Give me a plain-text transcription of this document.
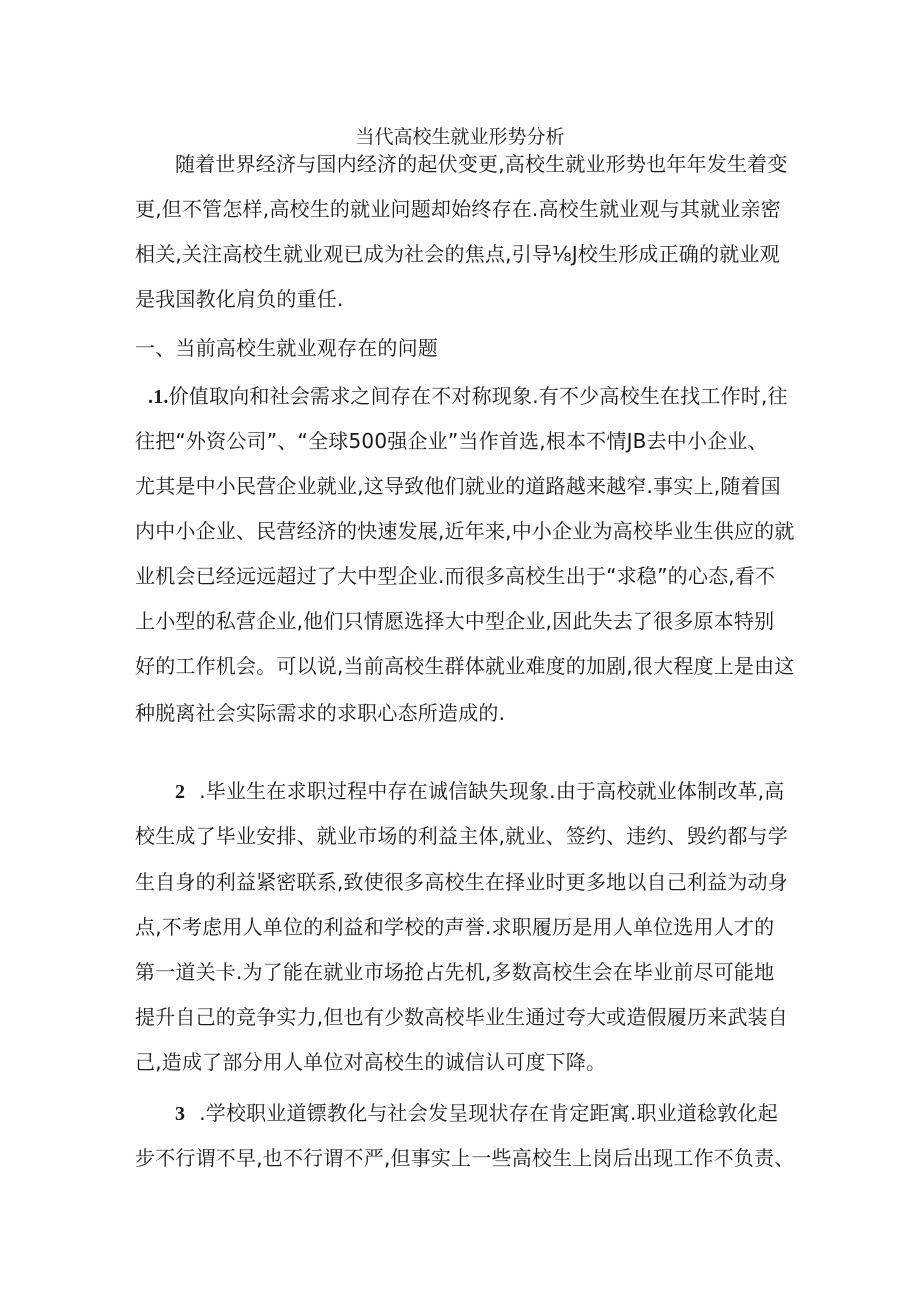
当代高校生就业形势分析
随着世界经济与国内经济的起伏变更,高校生就业形势也年年发生着变
更,但不管怎样,高校生的就业问题却始终存在.高校生就业观与其就业亲密
相关,关注高校生就业观已成为社会的焦点,引导⅛J校生形成正确的就业观
是我国教化肩负的重任.
一、当前高校生就业观存在的问题
.1.价值取向和社会需求之间存在不对称现象.有不少高校生在找工作时,往
往把“外资公司”、“全球500强企业”当作首选,根本不情JB去中小企业、
尤其是中小民营企业就业,这导致他们就业的道路越来越窄.事实上,随着国
内中小企业、民营经济的快速发展,近年来,中小企业为高校毕业生供应的就
业机会已经远远超过了大中型企业.而很多高校生出于“求稳”的心态,看不
上小型的私营企业,他们只情愿选择大中型企业,因此失去了很多原本特别
好的工作机会。可以说,当前高校生群体就业难度的加剧,很大程度上是由这
种脱离社会实际需求的求职心态所造成的.
2 .毕业生在求职过程中存在诚信缺失现象.由于高校就业体制改革,高
校生成了毕业安排、就业市场的利益主体,就业、签约、违约、毁约都与学
生自身的利益紧密联系,致使很多高校生在择业时更多地以自己利益为动身
点,不考虑用人单位的利益和学校的声誉.求职履历是用人单位选用人才的
第一道关卡.为了能在就业市场抢占先机,多数高校生会在毕业前尽可能地
提升自己的竞争实力,但也有少数高校毕业生通过夸大或造假履历来武装自
己,造成了部分用人单位对高校生的诚信认可度下降。
3 .学校职业道镖教化与社会发呈现状存在肯定距寓.职业道稔敦化起
步不行谓不早,也不行谓不严,但事实上一些高校生上岗后出现工作不负责、
